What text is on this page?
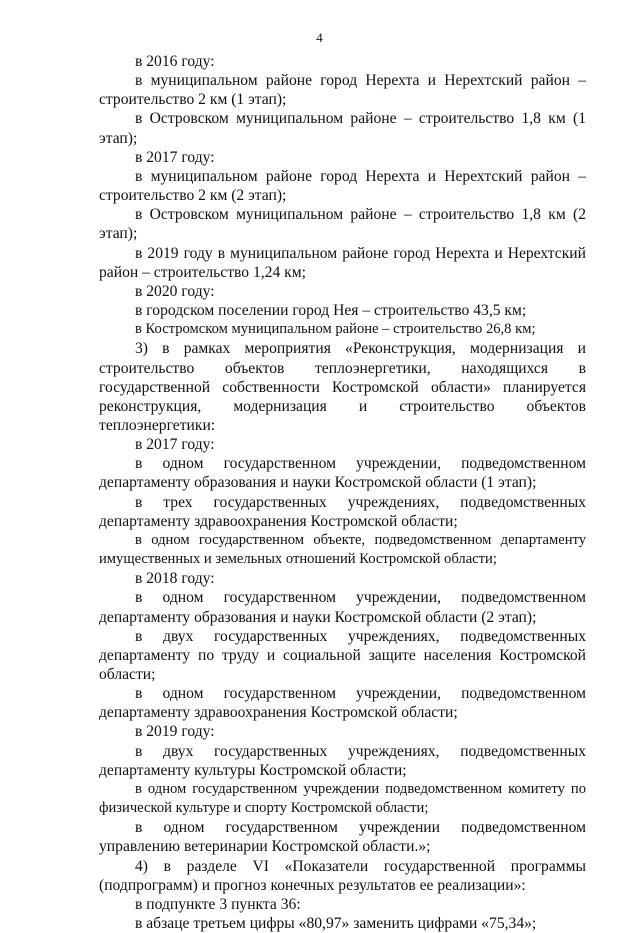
4

в 2016 году:

в муниципальном районе город Нерехта и Нерехтский район – строительство 2 км (1 этап);

в Островском муниципальном районе – строительство 1,8 км (1 этап);

в 2017 году:

в муниципальном районе город Нерехта и Нерехтский район – строительство 2 км (2 этап);

в Островском муниципальном районе – строительство 1,8 км (2 этап);

в 2019 году в муниципальном районе город Нерехта и Нерехтский район – строительство 1,24 км;

в 2020 году:

в городском поселении город Нея – строительство 43,5 км;

в Костромском муниципальном районе – строительство 26,8 км;

3) в рамках мероприятия «Реконструкция, модернизация и строительство объектов теплоэнергетики, находящихся в государственной собственности Костромской области» планируется реконструкция, модернизация и строительство объектов теплоэнергетики:

в 2017 году:

в одном государственном учреждении, подведомственном департаменту образования и науки Костромской области (1 этап);

в трех государственных учреждениях, подведомственных департаменту здравоохранения Костромской области;

в одном государственном объекте, подведомственном департаменту имущественных и земельных отношений Костромской области;

в 2018 году:

в одном государственном учреждении, подведомственном департаменту образования и науки Костромской области (2 этап);

в двух государственных учреждениях, подведомственных департаменту по труду и социальной защите населения Костромской области;

в одном государственном учреждении, подведомственном департаменту здравоохранения Костромской области;

в 2019 году:

в двух государственных учреждениях, подведомственных департаменту культуры Костромской области;

в одном государственном учреждении подведомственном комитету по физической культуре и спорту Костромской области;

в одном государственном учреждении подведомственном управлению ветеринарии Костромской области.»;

4) в разделе VI «Показатели государственной программы (подпрограмм) и прогноз конечных результатов ее реализации»:

в подпункте 3 пункта 36:

в абзаце третьем цифры «80,97» заменить цифрами «75,34»;
